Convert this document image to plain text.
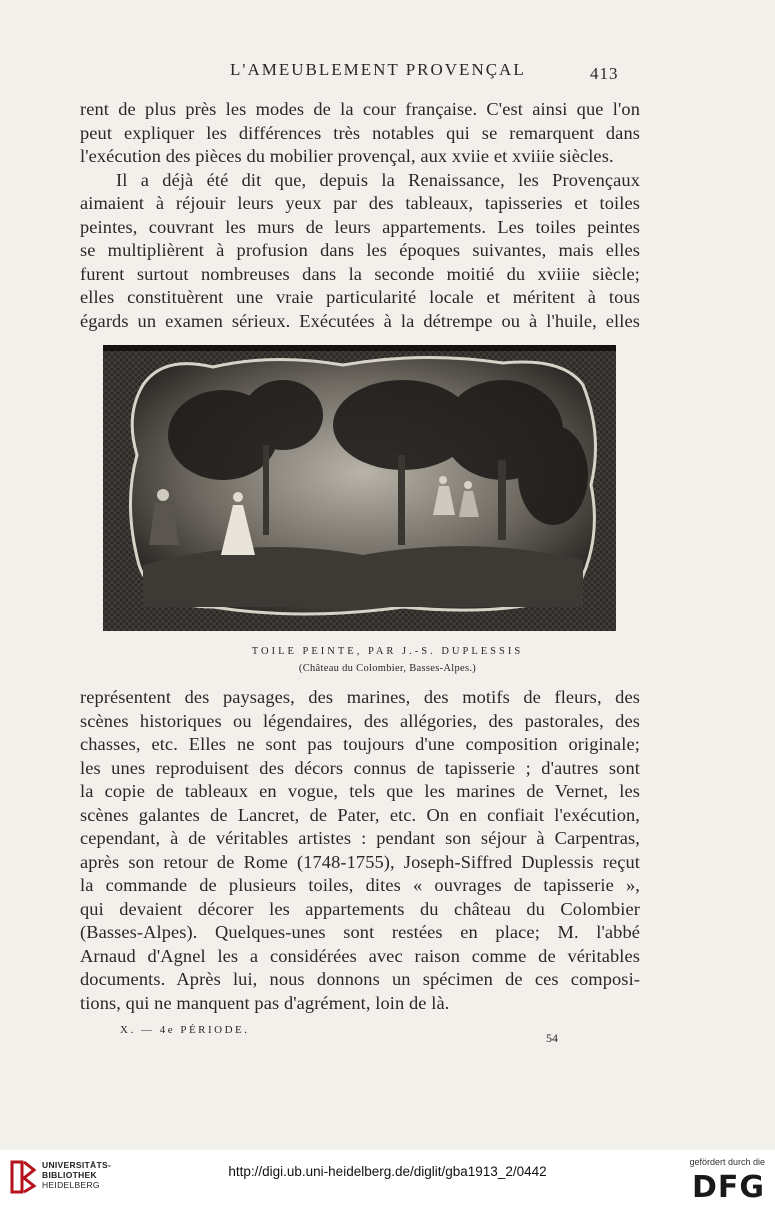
L'AMEUBLEMENT PROVENÇAL	413
rent de plus près les modes de la cour française. C'est ainsi que l'on
peut expliquer les différences très notables qui se remarquent dans
l'exécution des pièces du mobilier provençal, aux xviie et xviiie siècles.
Il a déjà été dit que, depuis la Renaissance, les Provençaux
aimaient à réjouir leurs yeux par des tableaux, tapisseries et toiles
peintes, couvrant les murs de leurs appartements. Les toiles peintes
se multiplièrent à profusion dans les époques suivantes, mais elles
furent surtout nombreuses dans la seconde moitié du xviiie siècle;
elles constituèrent une vraie particularité locale et méritent à tous
égards un examen sérieux. Exécutées à la détrempe ou à l'huile, elles
TOILE PEINTE, PAR J.-S. DUPLESSIS
(Château du Colombier, Basses-Alpes.)
représentent des paysages, des marines, des motifs de fleurs, des
scènes historiques ou légendaires, des allégories, des pastorales, des
chasses, etc. Elles ne sont pas toujours d'une composition originale;
les unes reproduisent des décors connus de tapisserie ; d'autres sont
la copie de tableaux en vogue, tels que les marines de Vernet, les
scènes galantes de Lancret, de Pater, etc. On en confiait l'exécution,
cependant, à de véritables artistes : pendant son séjour à Carpentras,
après son retour de Rome (1748-1755), Joseph-Siffred Duplessis reçut
la commande de plusieurs toiles, dites « ouvrages de tapisserie »,
qui devaient décorer les appartements du château du Colombier
(Basses-Alpes). Quelques-unes sont restées en place; M. l'abbé
Arnaud d'Agnel les a considérées avec raison comme de véritables
documents. Après lui, nous donnons un spécimen de ces composi-
tions, qui ne manquent pas d'agrément, loin de là.
X. — 4e PÉRIODE.
54
UNIVERSITÄTS-
BIBLIOTHEK
HEIDELBERG
http://digi.ub.uni-heidelberg.de/diglit/gba1913_2/0442
gefördert durch die
DFG
